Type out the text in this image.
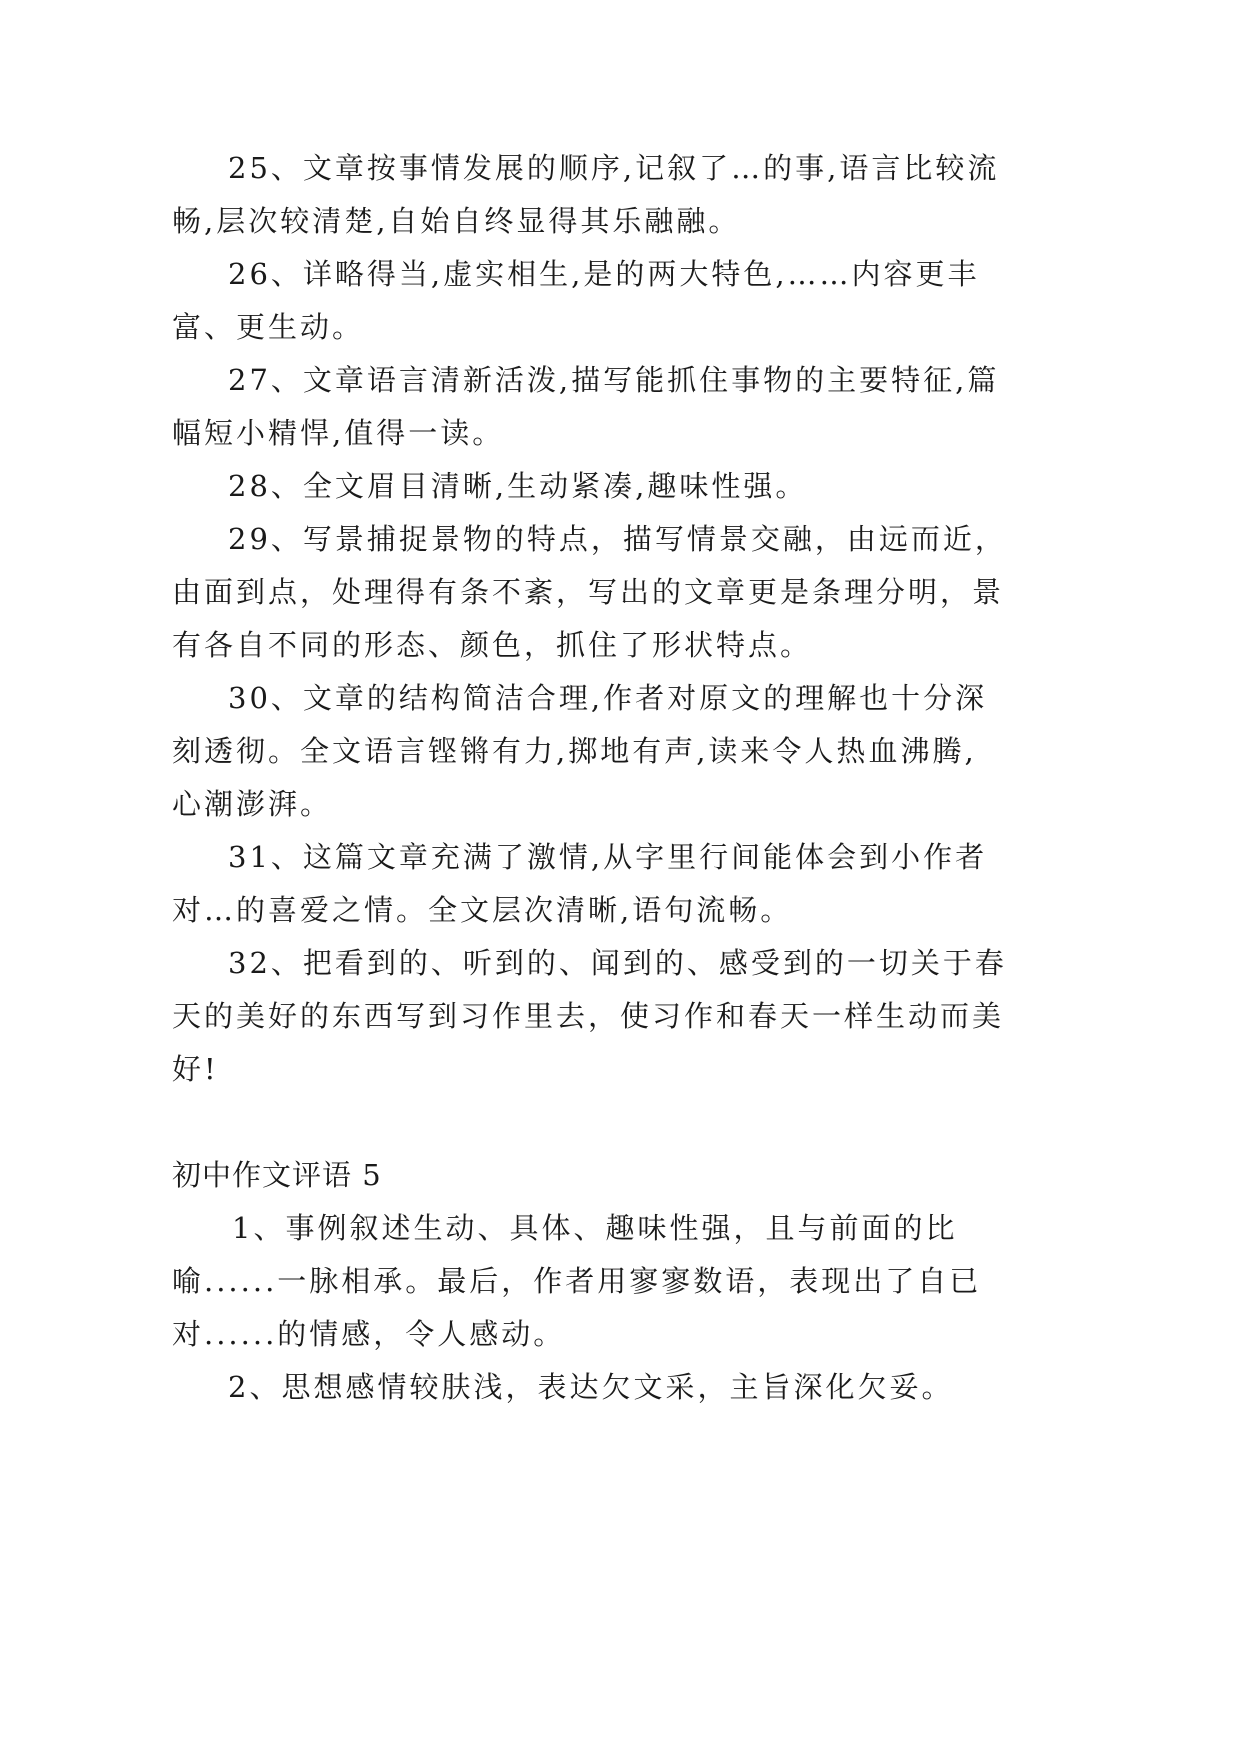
25、文章按事情发展的顺序,记叙了…的事,语言比较流
畅,层次较清楚,自始自终显得其乐融融。
26、详略得当,虚实相生,是的两大特色,……内容更丰
富、更生动。
27、文章语言清新活泼,描写能抓住事物的主要特征,篇
幅短小精悍,值得一读。
28、全文眉目清晰,生动紧凑,趣味性强。
29、写景捕捉景物的特点，描写情景交融，由远而近，
由面到点，处理得有条不紊，写出的文章更是条理分明，景
有各自不同的形态、颜色，抓住了形状特点。
30、文章的结构简洁合理,作者对原文的理解也十分深
刻透彻。全文语言铿锵有力,掷地有声,读来令人热血沸腾,
心潮澎湃。
31、这篇文章充满了激情,从字里行间能体会到小作者
对…的喜爱之情。全文层次清晰,语句流畅。
32、把看到的、听到的、闻到的、感受到的一切关于春
天的美好的东西写到习作里去，使习作和春天一样生动而美
好!
初中作文评语 5
1、事例叙述生动、具体、趣味性强，且与前面的比
喻......一脉相承。最后，作者用寥寥数语，表现出了自已
对......的情感，令人感动。
2、思想感情较肤浅，表达欠文采，主旨深化欠妥。
